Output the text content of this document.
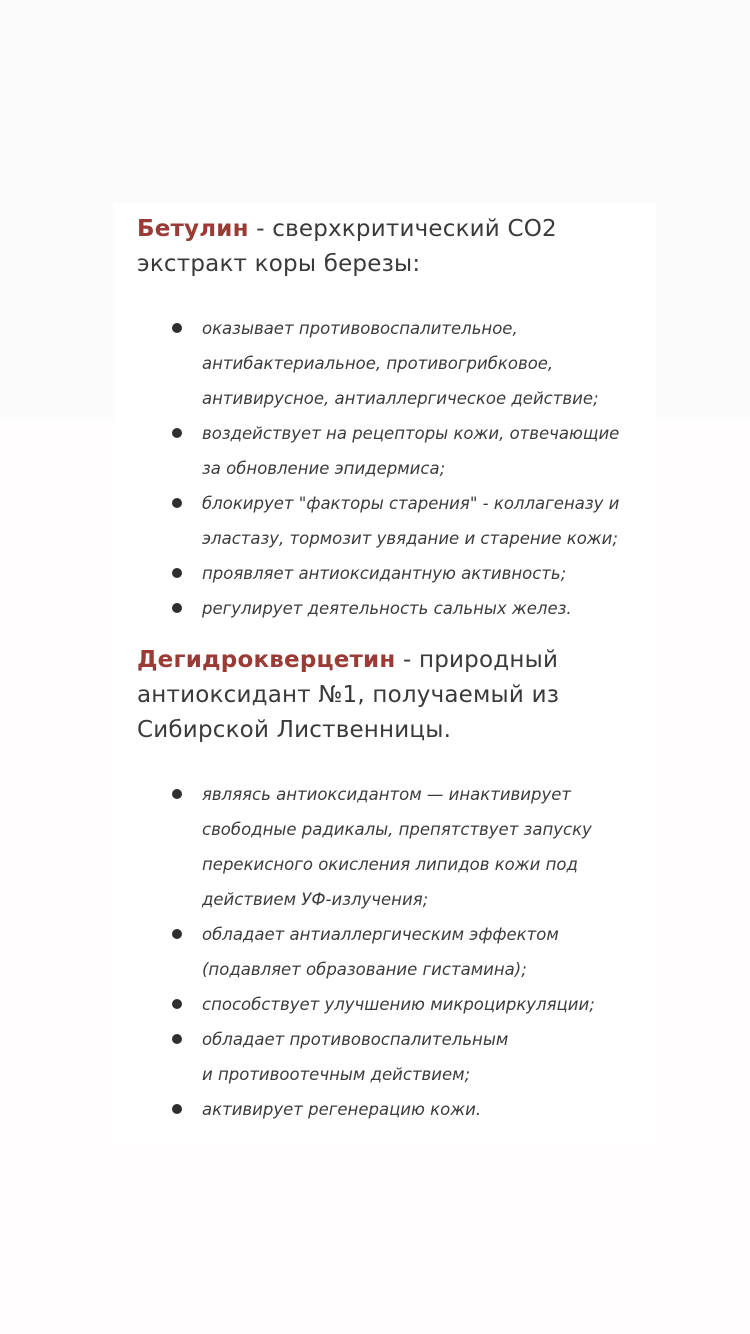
Бетулин - сверхкритический СО2 экстракт коры березы:
оказывает противовоспалительное,
антибактериальное, противогрибковое,
антивирусное, антиаллергическое действие;
воздействует на рецепторы кожи, отвечающие
за обновление эпидермиса;
блокирует "факторы старения" - коллагеназу и
эластазу, тормозит увядание и старение кожи;
проявляет антиоксидантную активность;
регулирует деятельность сальных желез.
Дегидрокверцетин - природный антиоксидант №1, получаемый из Сибирской Лиственницы.
являясь антиоксидантом — инактивирует
свободные радикалы, препятствует запуску
перекисного окисления липидов кожи под
действием УФ-излучения;
обладает антиаллергическим эффектом
(подавляет образование гистамина);
способствует улучшению микроциркуляции;
обладает противовоспалительным
и противоотечным действием;
активирует регенерацию кожи.
